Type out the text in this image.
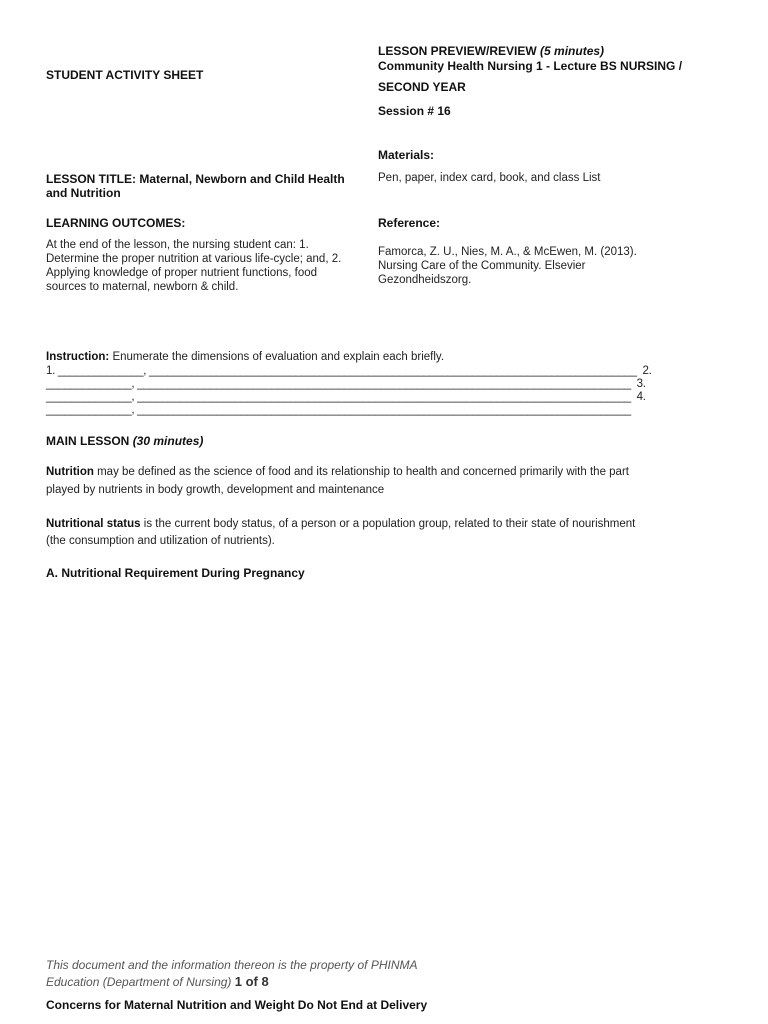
STUDENT ACTIVITY SHEET
LESSON PREVIEW/REVIEW (5 minutes)
Community Health Nursing 1 - Lecture BS NURSING /
SECOND YEAR
Session # 16
Materials:
LESSON TITLE: Maternal, Newborn and Child Health
and Nutrition
Pen, paper, index card, book, and class List
LEARNING OUTCOMES:	Reference:
At the end of the lesson, the nursing student can: 1.
Determine the proper nutrition at various life-cycle; and, 2.
Applying knowledge of proper nutrient functions, food
sources to maternal, newborn & child.
Famorca, Z. U., Nies, M. A., & McEwen, M. (2013).
Nursing Care of the Community. Elsevier
Gezondheidszorg.
Instruction: Enumerate the dimensions of evaluation and explain each briefly.
1. ______________, ________________________________________________________________________________  2.
______________, _________________________________________________________________________________  3.
______________, _________________________________________________________________________________  4.
______________, _________________________________________________________________________________
MAIN LESSON (30 minutes)
Nutrition may be defined as the science of food and its relationship to health and concerned primarily with the part
played by nutrients in body growth, development and maintenance
Nutritional status is the current body status, of a person or a population group, related to their state of nourishment
(the consumption and utilization of nutrients).
A. Nutritional Requirement During Pregnancy
This document and the information thereon is the property of PHINMA
Education (Department of Nursing) 1 of 8
Concerns for Maternal Nutrition and Weight Do Not End at Delivery
